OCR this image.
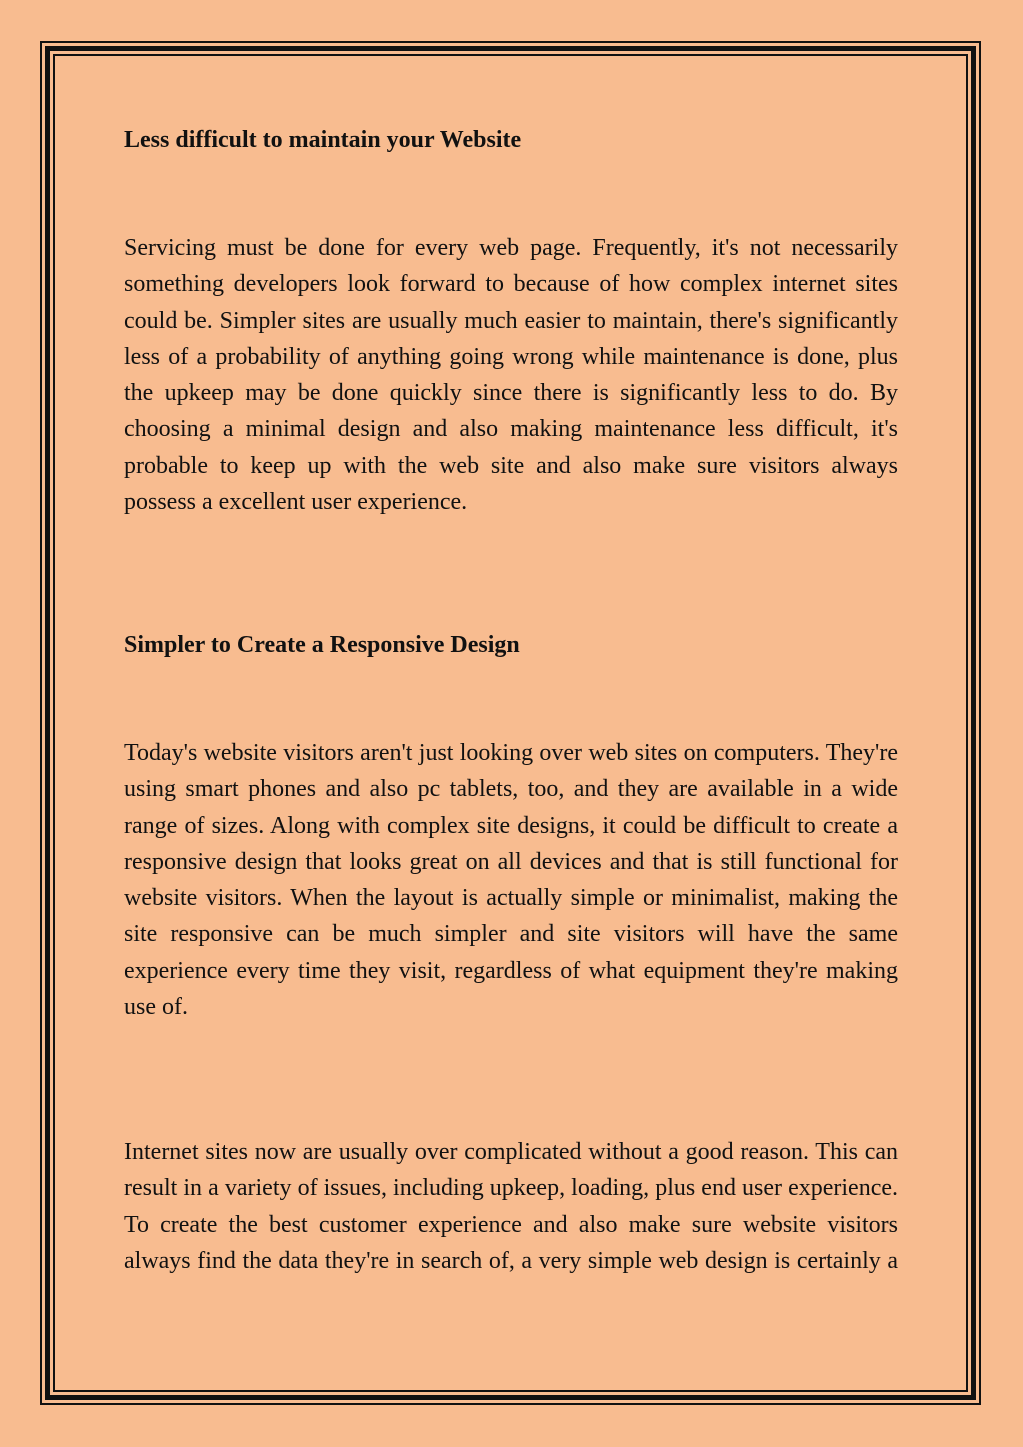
Less difficult to maintain your Website

Servicing must be done for every web page. Frequently, it's not necessarily something developers look forward to because of how complex internet sites could be. Simpler sites are usually much easier to maintain, there's significantly less of a probability of anything going wrong while maintenance is done, plus the upkeep may be done quickly since there is significantly less to do. By choosing a minimal design and also making maintenance less difficult, it's probable to keep up with the web site and also make sure visitors always possess a excellent user experience.

Simpler to Create a Responsive Design

Today's website visitors aren't just looking over web sites on computers. They're using smart phones and also pc tablets, too, and they are available in a wide range of sizes. Along with complex site designs, it could be difficult to create a responsive design that looks great on all devices and that is still functional for website visitors. When the layout is actually simple or minimalist, making the site responsive can be much simpler and site visitors will have the same experience every time they visit, regardless of what equipment they're making use of.

Internet sites now are usually over complicated without a good reason. This can result in a variety of issues, including upkeep, loading, plus end user experience. To create the best customer experience and also make sure website visitors always find the data they're in search of, a very simple web design is certainly a
